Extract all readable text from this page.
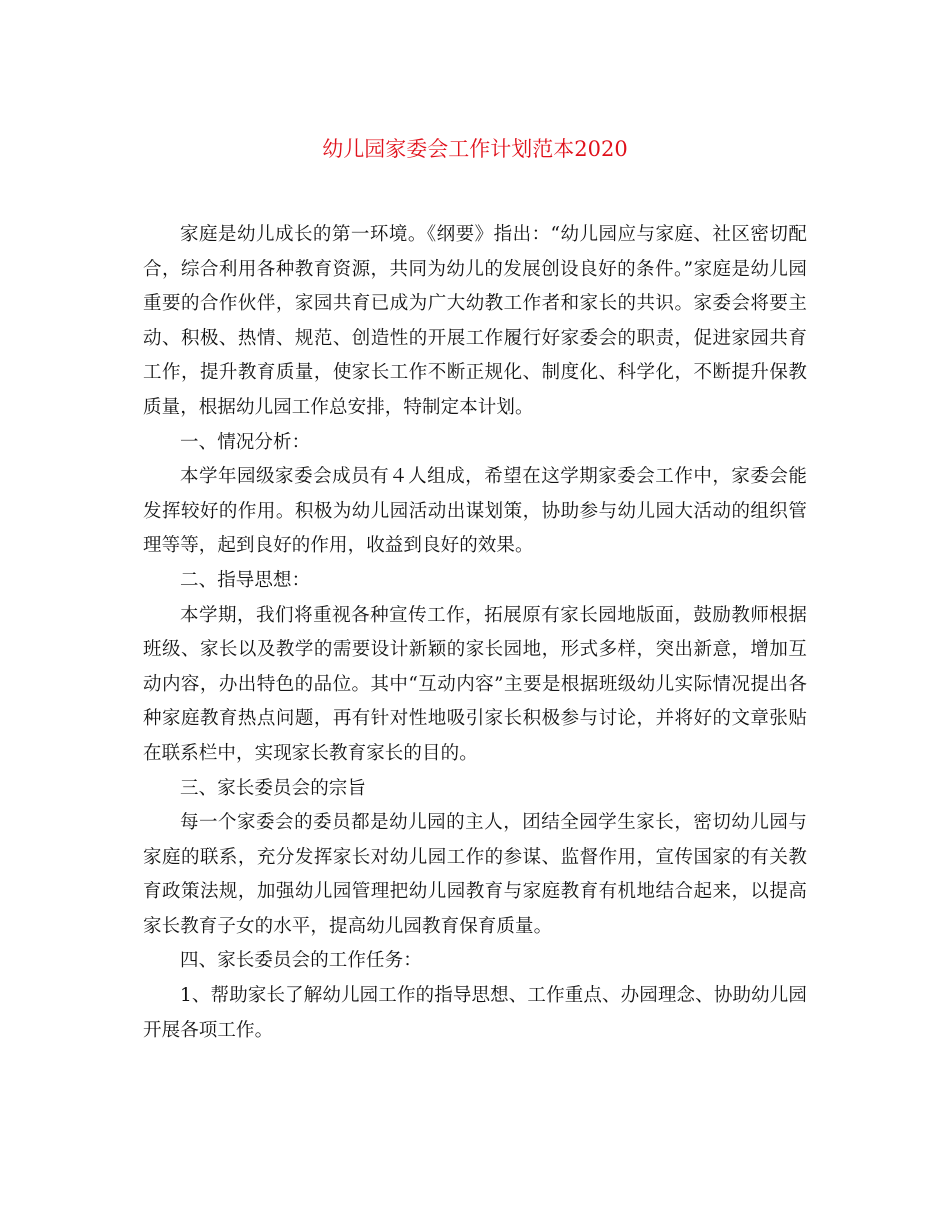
幼儿园家委会工作计划范本2020

家庭是幼儿成长的第一环境。《纲要》指出：“幼儿园应与家庭、社区密切配合，综合利用各种教育资源，共同为幼儿的发展创设良好的条件。”家庭是幼儿园重要的合作伙伴，家园共育已成为广大幼教工作者和家长的共识。家委会将要主动、积极、热情、规范、创造性的开展工作履行好家委会的职责，促进家园共育工作，提升教育质量，使家长工作不断正规化、制度化、科学化，不断提升保教质量，根据幼儿园工作总安排，特制定本计划。

一、情况分析：

本学年园级家委会成员有４人组成，希望在这学期家委会工作中，家委会能发挥较好的作用。积极为幼儿园活动出谋划策，协助参与幼儿园大活动的组织管理等等，起到良好的作用，收益到良好的效果。

二、指导思想：

本学期，我们将重视各种宣传工作，拓展原有家长园地版面，鼓励教师根据班级、家长以及教学的需要设计新颖的家长园地，形式多样，突出新意，增加互动内容，办出特色的品位。其中“互动内容”主要是根据班级幼儿实际情况提出各种家庭教育热点问题，再有针对性地吸引家长积极参与讨论，并将好的文章张贴在联系栏中，实现家长教育家长的目的。

三、家长委员会的宗旨

每一个家委会的委员都是幼儿园的主人，团结全园学生家长，密切幼儿园与家庭的联系，充分发挥家长对幼儿园工作的参谋、监督作用，宣传国家的有关教育政策法规，加强幼儿园管理把幼儿园教育与家庭教育有机地结合起来，以提高家长教育子女的水平，提高幼儿园教育保育质量。

四、家长委员会的工作任务：

1、帮助家长了解幼儿园工作的指导思想、工作重点、办园理念、协助幼儿园开展各项工作。
